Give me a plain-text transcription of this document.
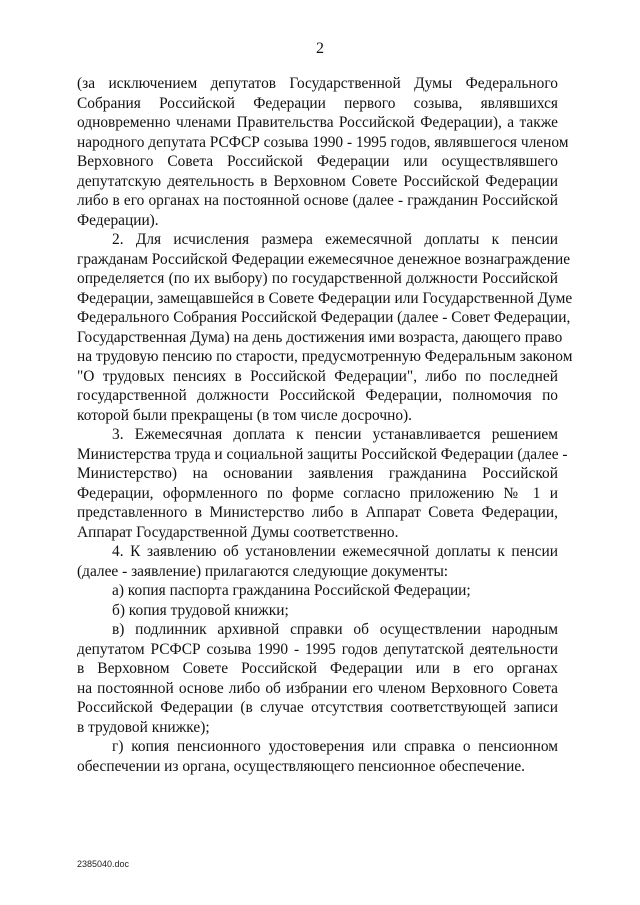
2
(за исключением депутатов Государственной Думы Федерального
Собрания Российской Федерации первого созыва, являвшихся
одновременно членами Правительства Российской Федерации), а также
народного депутата РСФСР созыва 1990 - 1995 годов, являвшегося членом
Верховного Совета Российской Федерации или осуществлявшего
депутатскую деятельность в Верховном Совете Российской Федерации
либо в его органах на постоянной основе (далее - гражданин Российской
Федерации).
2. Для исчисления размера ежемесячной доплаты к пенсии
гражданам Российской Федерации ежемесячное денежное вознаграждение
определяется (по их выбору) по государственной должности Российской
Федерации, замещавшейся в Совете Федерации или Государственной Думе
Федерального Собрания Российской Федерации (далее - Совет Федерации,
Государственная Дума) на день достижения ими возраста, дающего право
на трудовую пенсию по старости, предусмотренную Федеральным законом
"О трудовых пенсиях в Российской Федерации", либо по последней
государственной должности Российской Федерации, полномочия по
которой были прекращены (в том числе досрочно).
3. Ежемесячная доплата к пенсии устанавливается решением
Министерства труда и социальной защиты Российской Федерации (далее -
Министерство) на основании заявления гражданина Российской
Федерации, оформленного по форме согласно приложению № 1 и
представленного в Министерство либо в Аппарат Совета Федерации,
Аппарат Государственной Думы соответственно.
4. К заявлению об установлении ежемесячной доплаты к пенсии
(далее - заявление) прилагаются следующие документы:
а) копия паспорта гражданина Российской Федерации;
б) копия трудовой книжки;
в) подлинник архивной справки об осуществлении народным
депутатом РСФСР созыва 1990 - 1995 годов депутатской деятельности
в Верховном Совете Российской Федерации или в его органах
на постоянной основе либо об избрании его членом Верховного Совета
Российской Федерации (в случае отсутствия соответствующей записи
в трудовой книжке);
г) копия пенсионного удостоверения или справка о пенсионном
обеспечении из органа, осуществляющего пенсионное обеспечение.
2385040.doc
